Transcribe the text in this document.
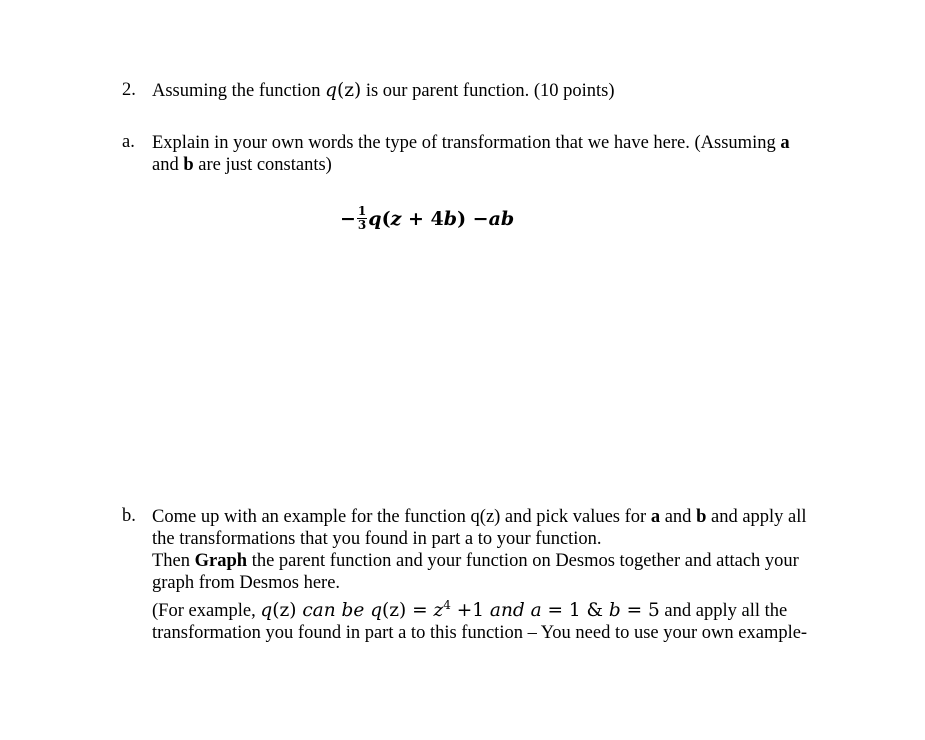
2. Assuming the function q(z) is our parent function. (10 points)
a. Explain in your own words the type of transformation that we have here. (Assuming a
and b are just constants)
− $\frac{1}{3}$ q ( z + 4 b ) − ab
b. Come up with an example for the function q(z) and pick values for a and b and apply all
the transformations that you found in part a to your function.
Then Graph the parent function and your function on Desmos together and attach your
graph from Desmos here.
(For example, q(z) can be $q(z) = z^4 +1$ and a = 1 & b = 5 and apply all the
transformation you found in part a to this function – You need to use your own example-
